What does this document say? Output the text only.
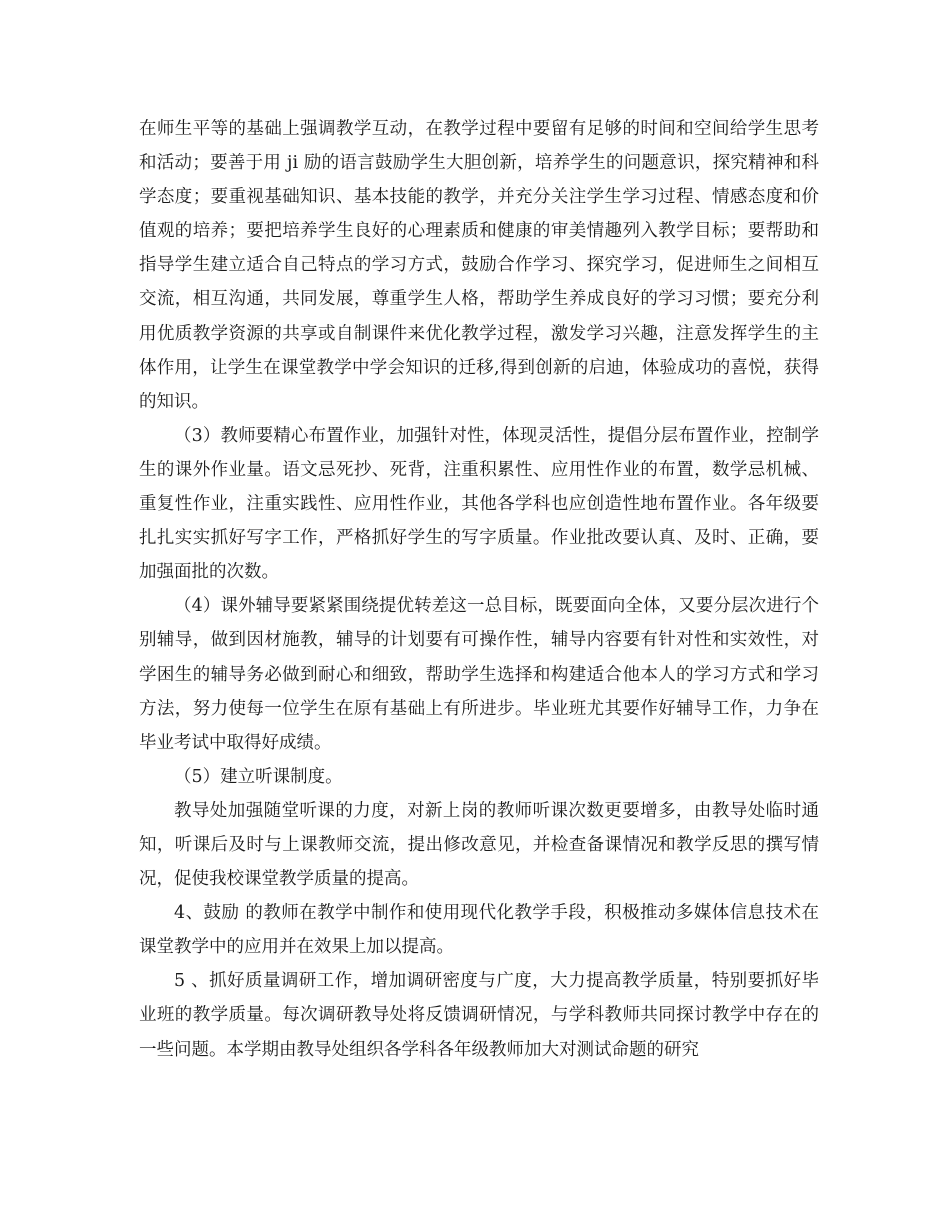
在师生平等的基础上强调教学互动，在教学过程中要留有足够的时间和空间给学生思考和活动；要善于用 ji 励的语言鼓励学生大胆创新，培养学生的问题意识，探究精神和科学态度；要重视基础知识、基本技能的教学，并充分关注学生学习过程、情感态度和价值观的培养；要把培养学生良好的心理素质和健康的审美情趣列入教学目标；要帮助和指导学生建立适合自己特点的学习方式，鼓励合作学习、探究学习，促进师生之间相互交流，相互沟通，共同发展，尊重学生人格，帮助学生养成良好的学习习惯；要充分利用优质教学资源的共享或自制课件来优化教学过程，激发学习兴趣，注意发挥学生的主体作用，让学生在课堂教学中学会知识的迁移,得到创新的启迪，体验成功的喜悦，获得 的知识。

（3）教师要精心布置作业，加强针对性，体现灵活性，提倡分层布置作业，控制学生的课外作业量。语文忌死抄、死背，注重积累性、应用性作业的布置，数学忌机械、重复性作业，注重实践性、应用性作业，其他各学科也应创造性地布置作业。各年级要扎扎实实抓好写字工作，严格抓好学生的写字质量。作业批改要认真、及时、正确，要加强面批的次数。

（4）课外辅导要紧紧围绕提优转差这一总目标，既要面向全体，又要分层次进行个别辅导，做到因材施教，辅导的计划要有可操作性，辅导内容要有针对性和实效性，对学困生的辅导务必做到耐心和细致，帮助学生选择和构建适合他本人的学习方式和学习方法，努力使每一位学生在原有基础上有所进步。毕业班尤其要作好辅导工作，力争在毕业考试中取得好成绩。

（5）建立听课制度。

教导处加强随堂听课的力度，对新上岗的教师听课次数更要增多，由教导处临时通知，听课后及时与上课教师交流，提出修改意见，并检查备课情况和教学反思的撰写情况，促使我校课堂教学质量的提高。

4、鼓励 的教师在教学中制作和使用现代化教学手段，积极推动多媒体信息技术在课堂教学中的应用并在效果上加以提高。

5 、抓好质量调研工作，增加调研密度与广度，大力提高教学质量，特别要抓好毕业班的教学质量。每次调研教导处将反馈调研情况，与学科教师共同探讨教学中存在的一些问题。本学期由教导处组织各学科各年级教师加大对测试命题的研究
